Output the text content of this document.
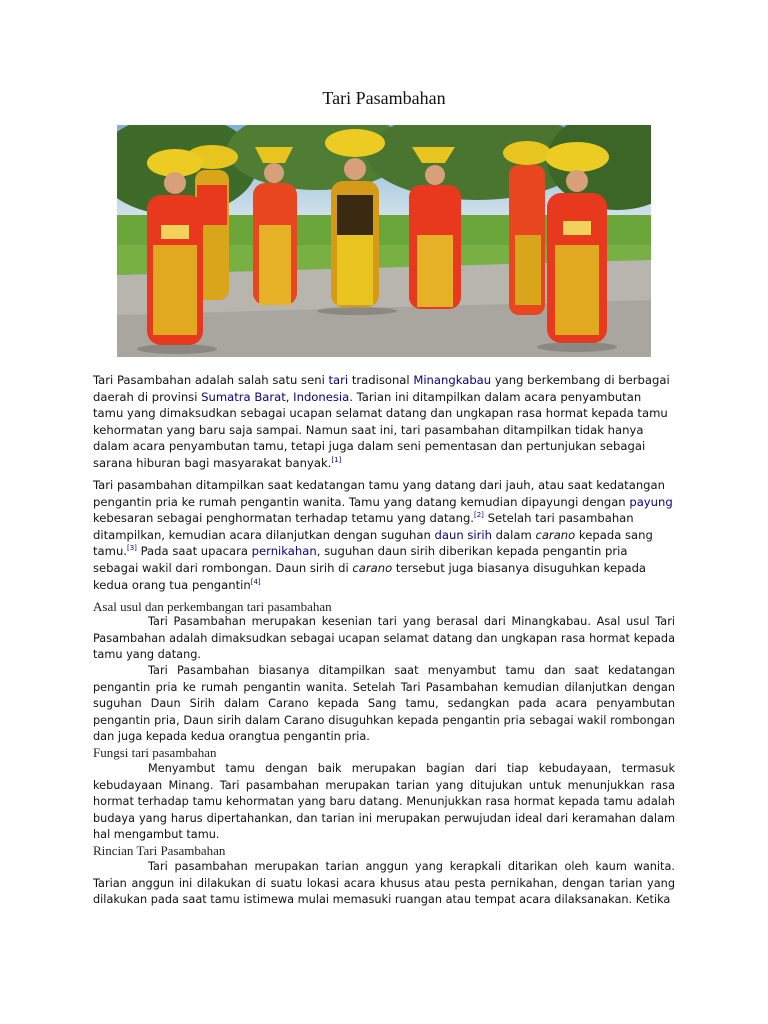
Tari Pasambahan
Tari Pasambahan adalah salah satu seni tari tradisonal Minangkabau yang berkembang di berbagai daerah di provinsi Sumatra Barat, Indonesia. Tarian ini ditampilkan dalam acara penyambutan tamu yang dimaksudkan sebagai ucapan selamat datang dan ungkapan rasa hormat kepada tamu kehormatan yang baru saja sampai. Namun saat ini, tari pasambahan ditampilkan tidak hanya dalam acara penyambutan tamu, tetapi juga dalam seni pementasan dan pertunjukan sebagai sarana hiburan bagi masyarakat banyak.[1]
Tari pasambahan ditampilkan saat kedatangan tamu yang datang dari jauh, atau saat kedatangan pengantin pria ke rumah pengantin wanita. Tamu yang datang kemudian dipayungi dengan payung kebesaran sebagai penghormatan terhadap tetamu yang datang.[2] Setelah tari pasambahan ditampilkan, kemudian acara dilanjutkan dengan suguhan daun sirih dalam carano kepada sang tamu.[3] Pada saat upacara pernikahan, suguhan daun sirih diberikan kepada pengantin pria sebagai wakil dari rombongan. Daun sirih di carano tersebut juga biasanya disuguhkan kepada kedua orang tua pengantin[4]
Asal usul dan perkembangan tari pasambahan
Tari Pasambahan merupakan kesenian tari yang berasal dari Minangkabau. Asal usul Tari Pasambahan adalah dimaksudkan sebagai ucapan selamat datang dan ungkapan rasa hormat kepada tamu yang datang.
Tari Pasambahan biasanya ditampilkan saat menyambut tamu dan saat kedatangan pengantin pria ke rumah pengantin wanita. Setelah Tari Pasambahan kemudian dilanjutkan dengan suguhan Daun Sirih dalam Carano kepada Sang tamu, sedangkan pada acara penyambutan pengantin pria, Daun sirih dalam Carano disuguhkan kepada pengantin pria sebagai wakil rombongan dan juga kepada kedua orangtua pengantin pria.
Fungsi tari pasambahan
Menyambut tamu dengan baik merupakan bagian dari tiap kebudayaan, termasuk kebudayaan Minang. Tari pasambahan merupakan tarian yang ditujukan untuk menunjukkan rasa hormat terhadap tamu kehormatan yang baru datang. Menunjukkan rasa hormat kepada tamu adalah budaya yang harus dipertahankan, dan tarian ini merupakan perwujudan ideal dari keramahan dalam hal mengambut tamu.
Rincian Tari Pasambahan
Tari pasambahan merupakan tarian anggun yang kerapkali ditarikan oleh kaum wanita. Tarian anggun ini dilakukan di suatu lokasi acara khusus atau pesta pernikahan, dengan tarian yang dilakukan pada saat tamu istimewa mulai memasuki ruangan atau tempat acara dilaksanakan. Ketika
